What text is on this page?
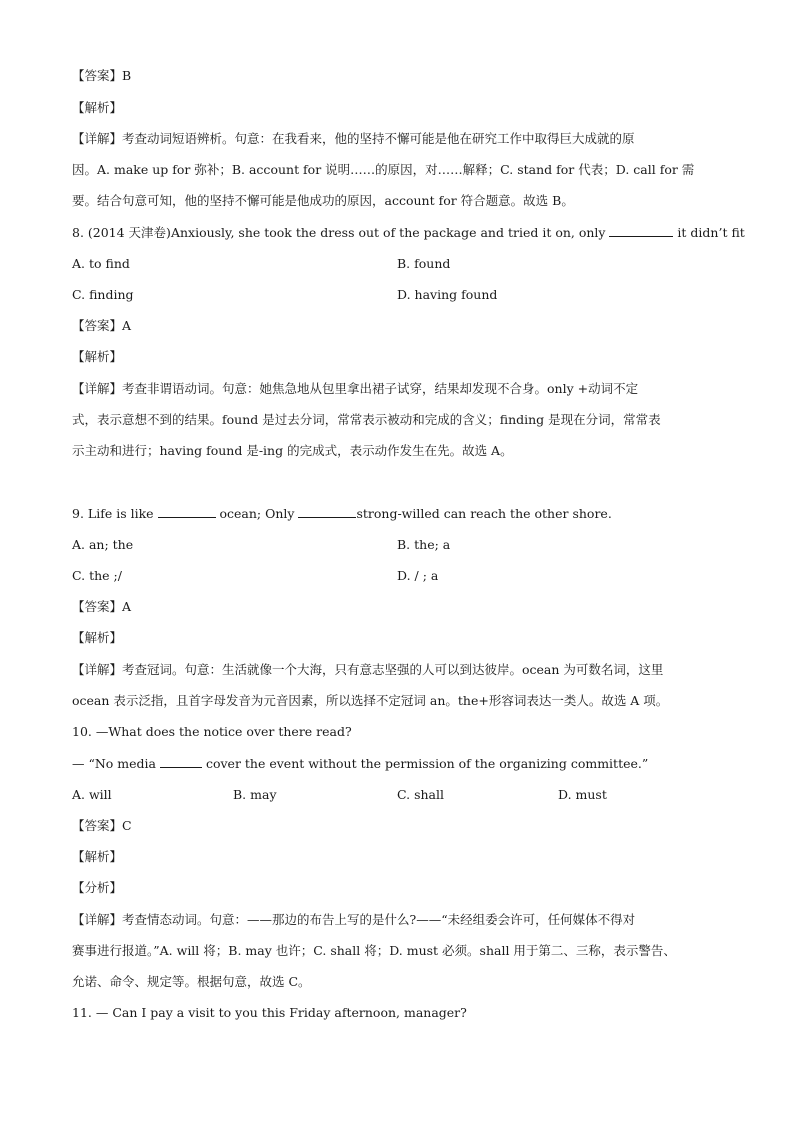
【答案】B
【解析】
【详解】考查动词短语辨析。句意：在我看来，他的坚持不懈可能是他在研究工作中取得巨大成就的原
因。A. make up for 弥补；B. account for 说明……的原因，对……解释；C. stand for 代表；D. call for 需
要。结合句意可知，他的坚持不懈可能是他成功的原因，account for 符合题意。故选 B。
8. (2014 天津卷)Anxiously, she took the dress out of the package and tried it on, only	it didn’t fit
A. to find	B. found
C. finding	D. having found
【答案】A
【解析】
【详解】考查非谓语动词。句意：她焦急地从包里拿出裙子试穿，结果却发现不合身。only +动词不定
式，表示意想不到的结果。found 是过去分词，常常表示被动和完成的含义；finding 是现在分词，常常表
示主动和进行；having found 是-ing 的完成式，表示动作发生在先。故选 A。
9. Life is like	ocean; Only	strong-willed can reach the other shore.
A. an; the	B. the; a
C. the ;/	D. / ; a
【答案】A
【解析】
【详解】考查冠词。句意：生活就像一个大海，只有意志坚强的人可以到达彼岸。ocean 为可数名词，这里
ocean 表示泛指，且首字母发音为元音因素，所以选择不定冠词 an。the+形容词表达一类人。故选 A 项。
10. —What does the notice over there read?
— “No media	cover the event without the permission of the organizing committee.”
A. will	B. may	C. shall	D. must
【答案】C
【解析】
【分析】
【详解】考查情态动词。句意：——那边的布告上写的是什么?——“未经组委会许可，任何媒体不得对
赛事进行报道。”A. will 将；B. may 也许；C. shall 将；D. must 必须。shall 用于第二、三称，表示警告、
允诺、命令、规定等。根据句意，故选 C。
11. — Can I pay a visit to you this Friday afternoon, manager?
